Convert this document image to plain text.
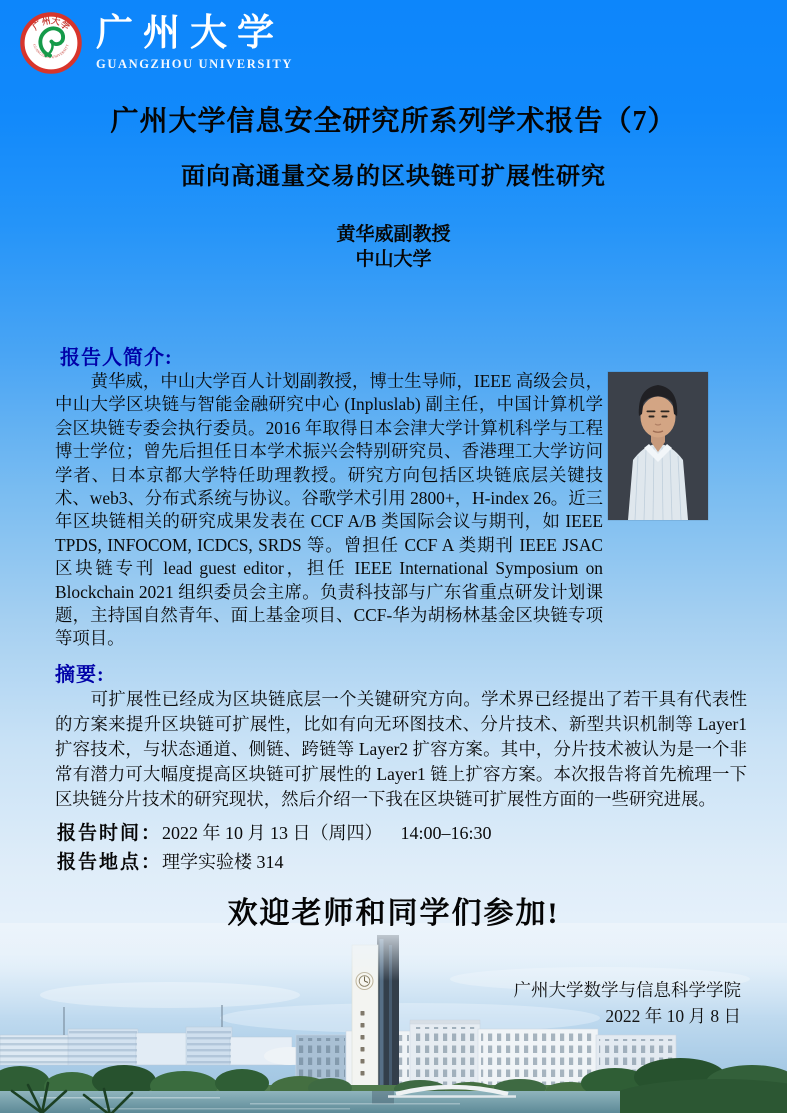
广州大学
GUANGZHOU UNIVERSITY 广州大学
GUANGZHOU UNIVERSITY
广州大学信息安全研究所系列学术报告（7）
面向高通量交易的区块链可扩展性研究
黄华威副教授
中山大学
报告人简介:
黄华威，中山大学百人计划副教授，博士生导师，IEEE 高级会员，中山大学区块链与智能金融研究中心 (Inpluslab) 副主任，中国计算机学会区块链专委会执行委员。2016 年取得日本会津大学计算机科学与工程博士学位；曾先后担任日本学术振兴会特别研究员、香港理工大学访问学者、日本京都大学特任助理教授。研究方向包括区块链底层关键技术、web3、分布式系统与协议。谷歌学术引用 2800+，H-index 26。近三年区块链相关的研究成果发表在 CCF A/B 类国际会议与期刊，如 IEEE TPDS, INFOCOM, ICDCS, SRDS 等。曾担任 CCF A 类期刊 IEEE JSAC 区块链专刊 lead guest editor，担任 IEEE International Symposium on Blockchain 2021 组织委员会主席。负责科技部与广东省重点研发计划课题，主持国自然青年、面上基金项目、CCF-华为胡杨林基金区块链专项等项目。
摘要:
可扩展性已经成为区块链底层一个关键研究方向。学术界已经提出了若干具有代表性的方案来提升区块链可扩展性，比如有向无环图技术、分片技术、新型共识机制等 Layer1 扩容技术，与状态通道、侧链、跨链等 Layer2 扩容方案。其中，分片技术被认为是一个非常有潜力可大幅度提高区块链可扩展性的 Layer1 链上扩容方案。本次报告将首先梳理一下区块链分片技术的研究现状，然后介绍一下我在区块链可扩展性方面的一些研究进展。
报告时间：2022 年 10 月 13 日（周四）    14:00–16:30
报告地点：理学实验楼 314
欢迎老师和同学们参加!
广州大学数学与信息科学学院
2022 年 10 月 8 日
